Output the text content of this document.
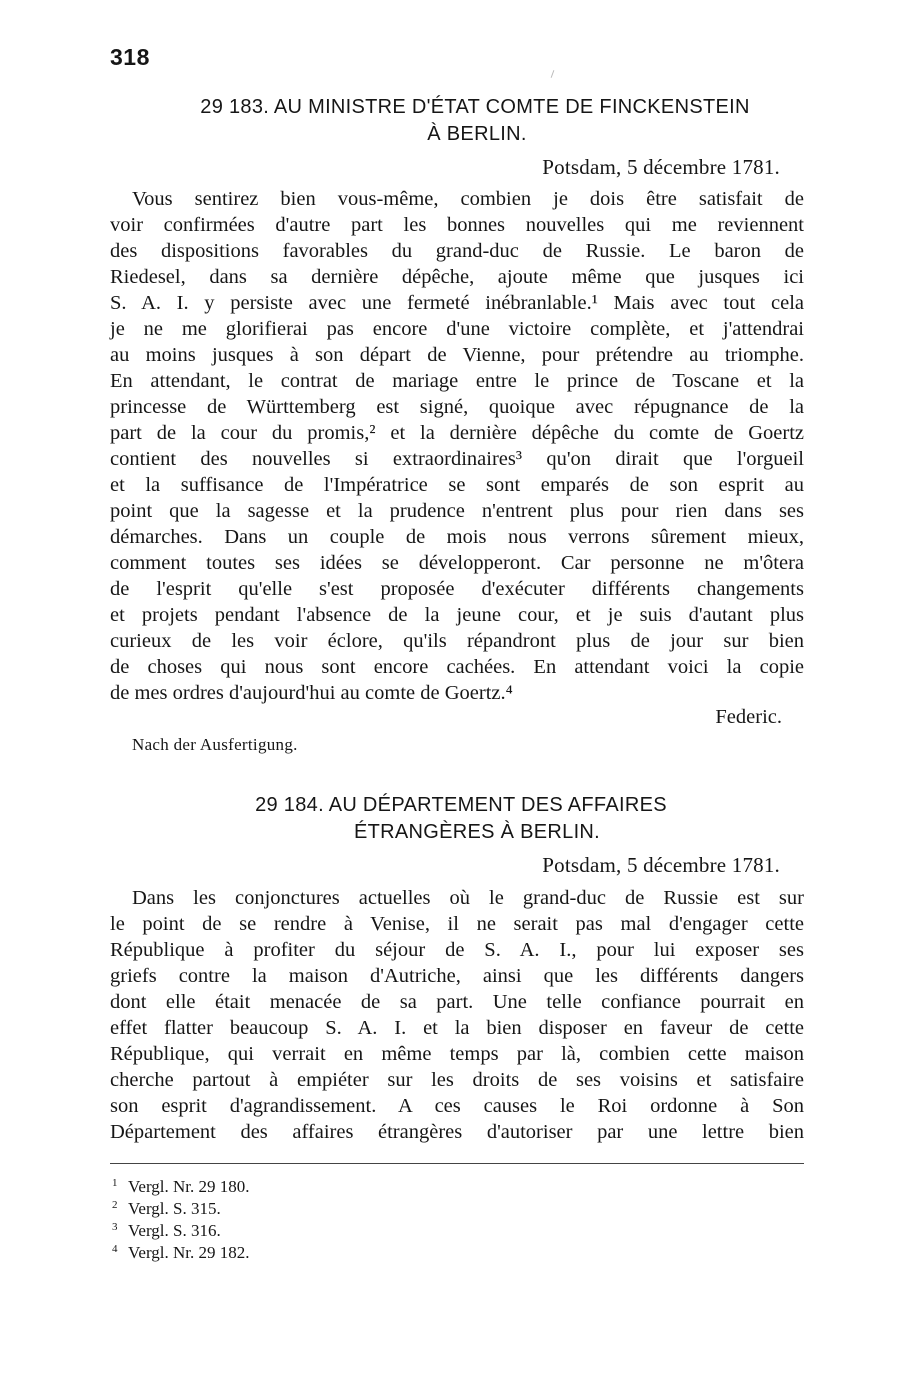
318
29 183. AU MINISTRE D'ÉTAT COMTE DE FINCKENSTEIN
À BERLIN.
Potsdam, 5 décembre 1781.
Vous sentirez bien vous-même, combien je dois être satisfait de
voir confirmées d'autre part les bonnes nouvelles qui me reviennent
des dispositions favorables du grand-duc de Russie. Le baron de
Riedesel, dans sa dernière dépêche, ajoute même que jusques ici
S. A. I. y persiste avec une fermeté inébranlable.¹ Mais avec tout cela
je ne me glorifierai pas encore d'une victoire complète, et j'attendrai
au moins jusques à son départ de Vienne, pour prétendre au triomphe.
En attendant, le contrat de mariage entre le prince de Toscane et la
princesse de Württemberg est signé, quoique avec répugnance de la
part de la cour du promis,² et la dernière dépêche du comte de Goertz
contient des nouvelles si extraordinaires³ qu'on dirait que l'orgueil
et la suffisance de l'Impératrice se sont emparés de son esprit au
point que la sagesse et la prudence n'entrent plus pour rien dans ses
démarches. Dans un couple de mois nous verrons sûrement mieux,
comment toutes ses idées se développeront. Car personne ne m'ôtera
de l'esprit qu'elle s'est proposée d'exécuter différents changements
et projets pendant l'absence de la jeune cour, et je suis d'autant plus
curieux de les voir éclore, qu'ils répandront plus de jour sur bien
de choses qui nous sont encore cachées. En attendant voici la copie
de mes ordres d'aujourd'hui au comte de Goertz.⁴
Federic.
Nach der Ausfertigung.
29 184. AU DÉPARTEMENT DES AFFAIRES
ÉTRANGÈRES À BERLIN.
Potsdam, 5 décembre 1781.
Dans les conjonctures actuelles où le grand-duc de Russie est sur
le point de se rendre à Venise, il ne serait pas mal d'engager cette
République à profiter du séjour de S. A. I., pour lui exposer ses
griefs contre la maison d'Autriche, ainsi que les différents dangers
dont elle était menacée de sa part. Une telle confiance pourrait en
effet flatter beaucoup S. A. I. et la bien disposer en faveur de cette
République, qui verrait en même temps par là, combien cette maison
cherche partout à empiéter sur les droits de ses voisins et satisfaire
son esprit d'agrandissement. A ces causes le Roi ordonne à Son
Département des affaires étrangères d'autoriser par une lettre bien
1 Vergl. Nr. 29 180.
2 Vergl. S. 315.
3 Vergl. S. 316.
4 Vergl. Nr. 29 182.
